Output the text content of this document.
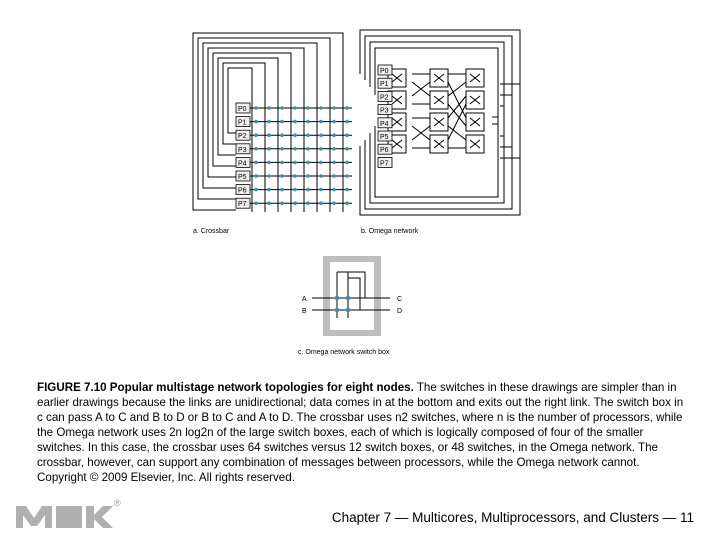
P0
P1
P2
P3
P4
P5
P6
P7
a. Crossbar
P0
P1
P2
P3
P4
P5
P6
P7
b. Omega network
A
B
C
D
c. Omega network switch box
FIGURE 7.10 Popular multistage network topologies for eight nodes. The switches in these drawings are simpler than in earlier drawings because the links are unidirectional; data comes in at the bottom and exits out the right link. The switch box in c can pass A to C and B to D or B to C and A to D. The crossbar uses n2 switches, where n is the number of processors, while the Omega network uses 2n log2n of the large switch boxes, each of which is logically composed of four of the smaller switches. In this case, the crossbar uses 64 switches versus 12 switch boxes, or 48 switches, in the Omega network. The crossbar, however, can support any combination of messages between processors, while the Omega network cannot. Copyright © 2009 Elsevier, Inc. All rights reserved.
®
Chapter 7 — Multicores, Multiprocessors, and Clusters — 11
